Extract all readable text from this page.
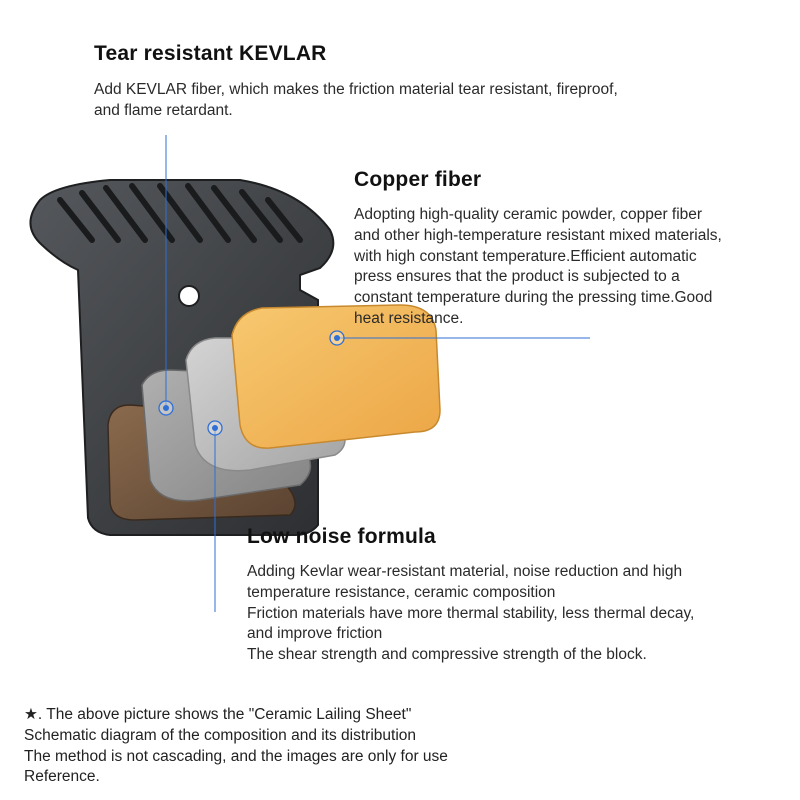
Tear resistant KEVLAR

Add KEVLAR fiber, which makes the friction material tear resistant, fireproof,
and flame retardant.

Copper fiber

Adopting high-quality ceramic powder, copper fiber
and other high-temperature resistant mixed materials,
with high constant temperature.Efficient automatic
press ensures that the product is subjected to a
constant temperature during the pressing time.Good
heat resistance.

Low noise formula

Adding Kevlar wear-resistant material, noise reduction and high
temperature resistance, ceramic composition
Friction materials have more thermal stability, less thermal decay,
and improve friction
The shear strength and compressive strength of the block.

★. The above picture shows the "Ceramic Lailing Sheet"
Schematic diagram of the composition and its distribution
The method is not cascading, and the images are only for use
Reference.
